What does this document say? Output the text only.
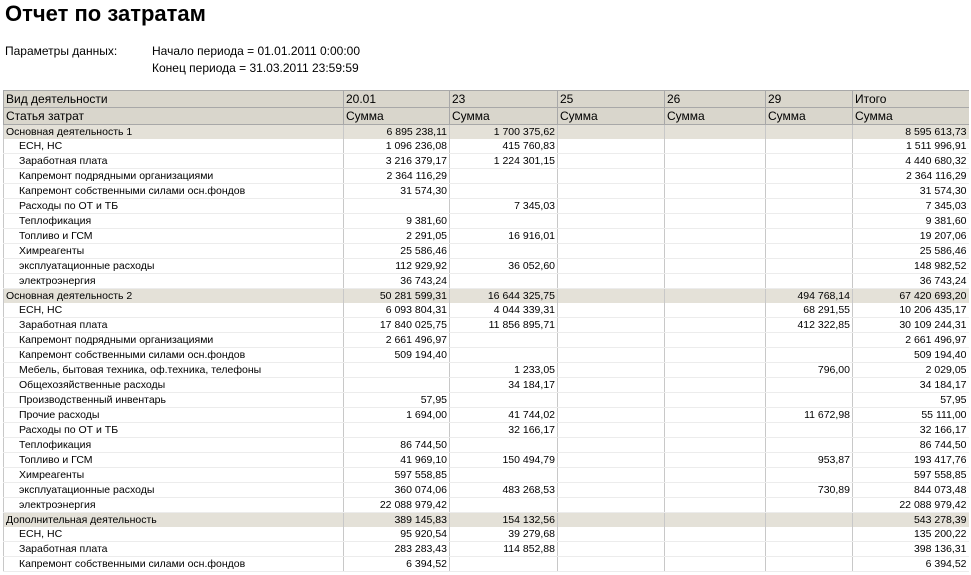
Отчет по затратам
Параметры данных:	Начало периода = 01.01.2011 0:00:00
Конец периода = 31.03.2011 23:59:59
Вид деятельности	20.01	23	25	26	29	Итого
Статья затрат	Сумма	Сумма	Сумма	Сумма	Сумма	Сумма
Основная деятельность 1	6 895 238,11	1 700 375,62				8 595 613,73
ЕСН, НС	1 096 236,08	415 760,83				1 511 996,91
Заработная плата	3 216 379,17	1 224 301,15				4 440 680,32
Капремонт подрядными организациями	2 364 116,29					2 364 116,29
Капремонт собственными силами осн.фондов	31 574,30					31 574,30
Расходы по ОТ и ТБ		7 345,03				7 345,03
Теплофикация	9 381,60					9 381,60
Топливо и ГСМ	2 291,05	16 916,01				19 207,06
Химреагенты	25 586,46					25 586,46
эксплуатационные расходы	112 929,92	36 052,60				148 982,52
электроэнергия	36 743,24					36 743,24
Основная деятельность 2	50 281 599,31	16 644 325,75			494 768,14	67 420 693,20
ЕСН, НС	6 093 804,31	4 044 339,31			68 291,55	10 206 435,17
Заработная плата	17 840 025,75	11 856 895,71			412 322,85	30 109 244,31
Капремонт подрядными организациями	2 661 496,97					2 661 496,97
Капремонт собственными силами осн.фондов	509 194,40					509 194,40
Мебель, бытовая техника, оф.техника, телефоны		1 233,05			796,00	2 029,05
Общехозяйственные расходы		34 184,17				34 184,17
Производственный инвентарь	57,95					57,95
Прочие расходы	1 694,00	41 744,02			11 672,98	55 111,00
Расходы по ОТ и ТБ		32 166,17				32 166,17
Теплофикация	86 744,50					86 744,50
Топливо и ГСМ	41 969,10	150 494,79			953,87	193 417,76
Химреагенты	597 558,85					597 558,85
эксплуатационные расходы	360 074,06	483 268,53			730,89	844 073,48
электроэнергия	22 088 979,42					22 088 979,42
Дополнительная деятельность	389 145,83	154 132,56				543 278,39
ЕСН, НС	95 920,54	39 279,68				135 200,22
Заработная плата	283 283,43	114 852,88				398 136,31
Капремонт собственными силами осн.фондов	6 394,52					6 394,52
